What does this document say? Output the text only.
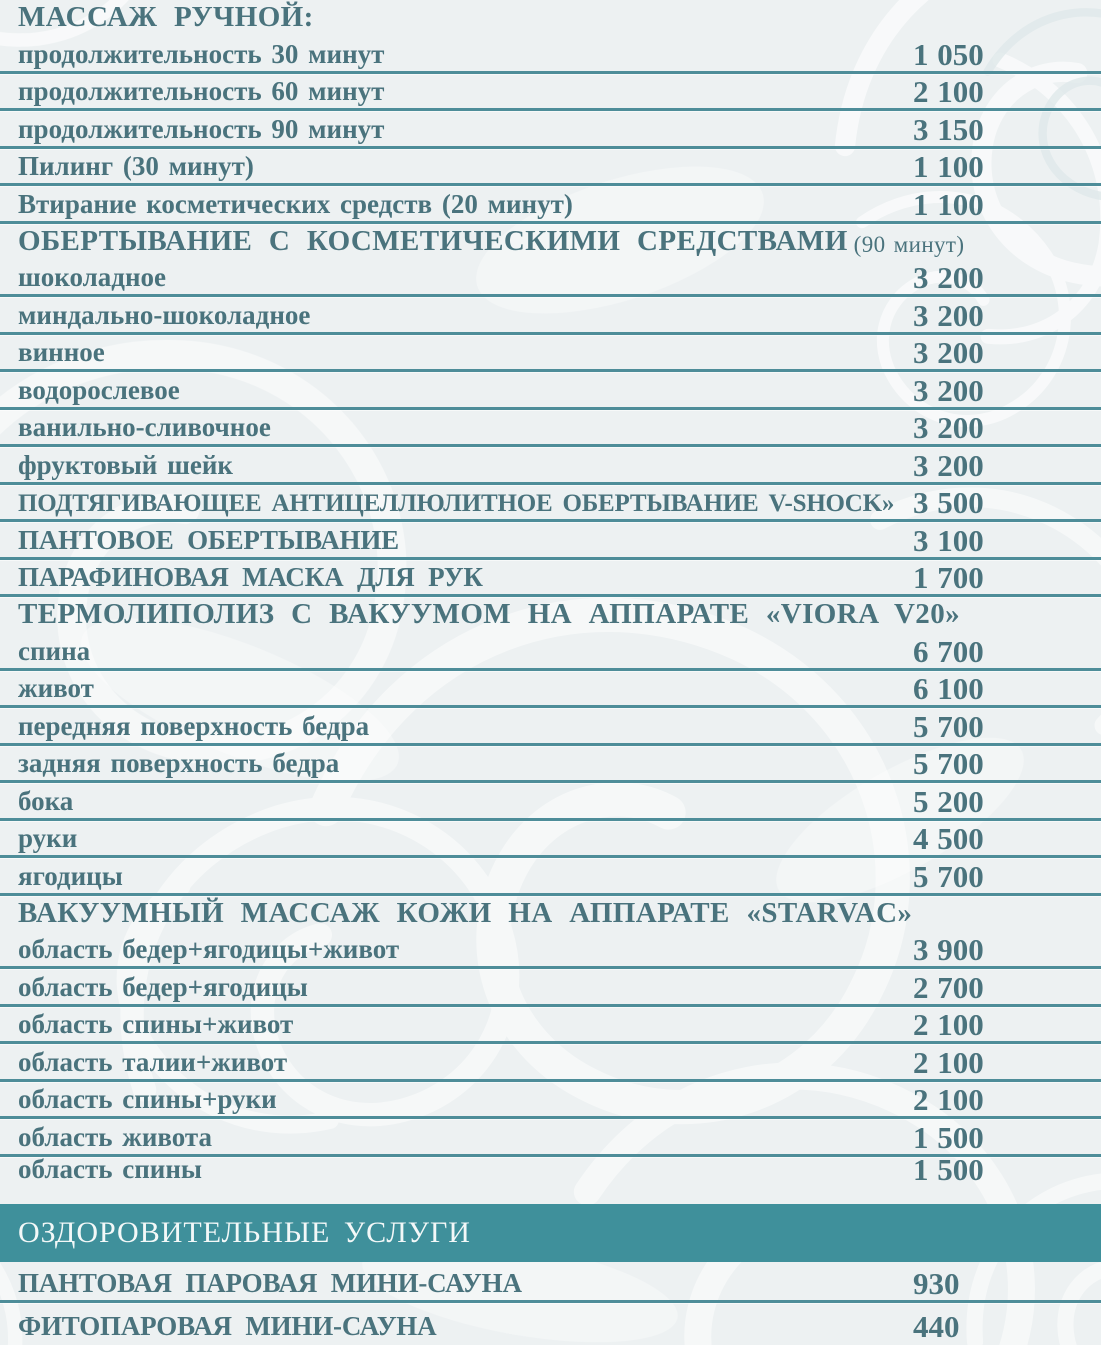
МАССАЖ РУЧНОЙ:
продолжительность 30 минут	1 050
продолжительность 60 минут	2 100
продолжительность 90 минут	3 150
Пилинг (30 минут)	1 100
Втирание косметических средств (20 минут)	1 100
ОБЕРТЫВАНИЕ С КОСМЕТИЧЕСКИМИ СРЕДСТВАМИ (90 минут)
шоколадное	3 200
миндально-шоколадное	3 200
винное	3 200
водорослевое	3 200
ванильно-сливочное	3 200
фруктовый шейк	3 200
ПОДТЯГИВАЮЩЕЕ АНТИЦЕЛЛЮЛИТНОЕ ОБЕРТЫВАНИЕ V-SHOCK» 3 500
ПАНТОВОЕ ОБЕРТЫВАНИЕ	3 100
ПАРАФИНОВАЯ МАСКА ДЛЯ РУК	1 700
ТЕРМОЛИПОЛИЗ С ВАКУУМОМ НА АППАРАТЕ «VIORA V20»
спина	6 700
живот	6 100
передняя поверхность бедра	5 700
задняя поверхность бедра	5 700
бока	5 200
руки	4 500
ягодицы	5 700
ВАКУУМНЫЙ МАССАЖ КОЖИ НА АППАРАТЕ «STARVAC»
область бедер+ягодицы+живот	3 900
область бедер+ягодицы	2 700
область спины+живот	2 100
область талии+живот	2 100
область спины+руки	2 100
область живота	1 500
область спины	1 500
ОЗДОРОВИТЕЛЬНЫЕ УСЛУГИ
ПАНТОВАЯ ПАРОВАЯ МИНИ-САУНА	930
ФИТОПАРОВАЯ МИНИ-САУНА	440
